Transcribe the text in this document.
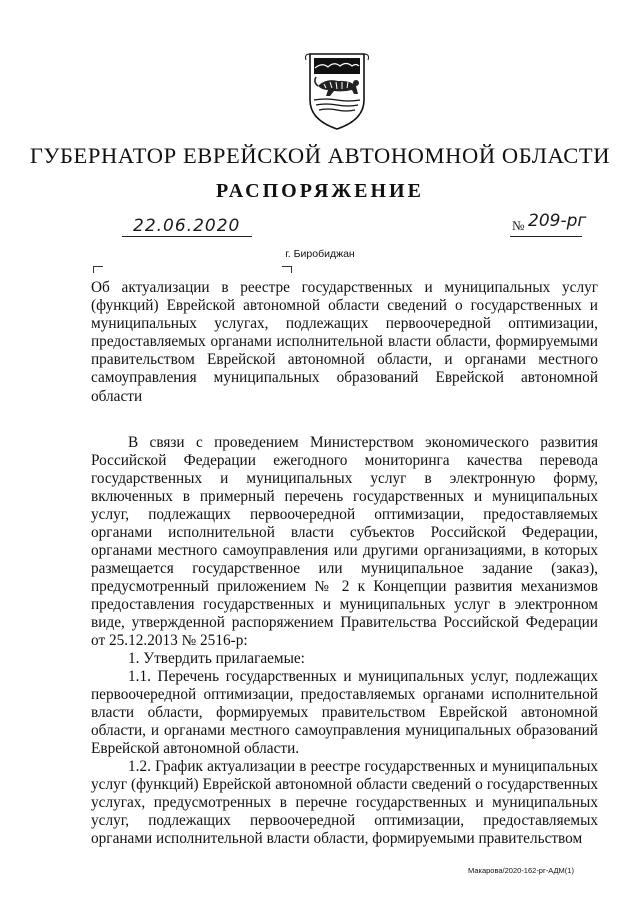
ГУБЕРНАТОР ЕВРЕЙСКОЙ АВТОНОМНОЙ ОБЛАСТИ
РАСПОРЯЖЕНИЕ
22.06.2020	№ 209-рг
г. Биробиджан
Об актуализации в реестре государственных и муниципальных услуг (функций) Еврейской автономной области сведений о государственных и муниципальных услугах, подлежащих первоочередной оптимизации, предоставляемых органами исполнительной власти области, формируемыми правительством Еврейской автономной области, и органами местного самоуправления муниципальных образований Еврейской автономной области

В связи с проведением Министерством экономического развития Российской Федерации ежегодного мониторинга качества перевода государственных и муниципальных услуг в электронную форму, включенных в примерный перечень государственных и муниципальных услуг, подлежащих первоочередной оптимизации, предоставляемых органами исполнительной власти субъектов Российской Федерации, органами местного самоуправления или другими организациями, в которых размещается государственное или муниципальное задание (заказ), предусмотренный приложением № 2 к Концепции развития механизмов предоставления государственных и муниципальных услуг в электронном виде, утвержденной распоряжением Правительства Российской Федерации от 25.12.2013 № 2516-р:

1. Утвердить прилагаемые:

1.1. Перечень государственных и муниципальных услуг, подлежащих первоочередной оптимизации, предоставляемых органами исполнительной власти области, формируемых правительством Еврейской автономной области, и органами местного самоуправления муниципальных образований Еврейской автономной области.

1.2. График актуализации в реестре государственных и муниципальных услуг (функций) Еврейской автономной области сведений о государственных услугах, предусмотренных в перечне государственных и муниципальных услуг, подлежащих первоочередной оптимизации, предоставляемых органами исполнительной власти области, формируемыми правительством

Макарова/2020-162-рг-АДМ(1)
